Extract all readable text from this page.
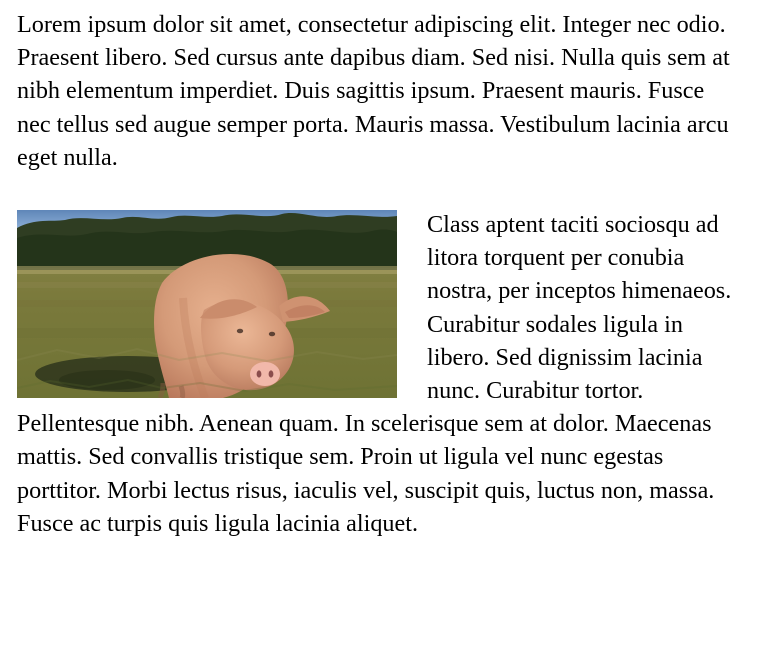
Lorem ipsum dolor sit amet, consectetur adipiscing elit. Integer nec odio. Praesent libero. Sed cursus ante dapibus diam. Sed nisi. Nulla quis sem at nibh elementum imperdiet. Duis sagittis ipsum. Praesent mauris. Fusce nec tellus sed augue semper porta. Mauris massa. Vestibulum lacinia arcu eget nulla.

Class aptent taciti sociosqu ad litora torquent per conubia nostra, per inceptos himenaeos. Curabitur sodales ligula in libero. Sed dignissim lacinia nunc. Curabitur tortor. Pellentesque nibh. Aenean quam. In scelerisque sem at dolor. Maecenas mattis. Sed convallis tristique sem. Proin ut ligula vel nunc egestas porttitor. Morbi lectus risus, iaculis vel, suscipit quis, luctus non, massa. Fusce ac turpis quis ligula lacinia aliquet.
